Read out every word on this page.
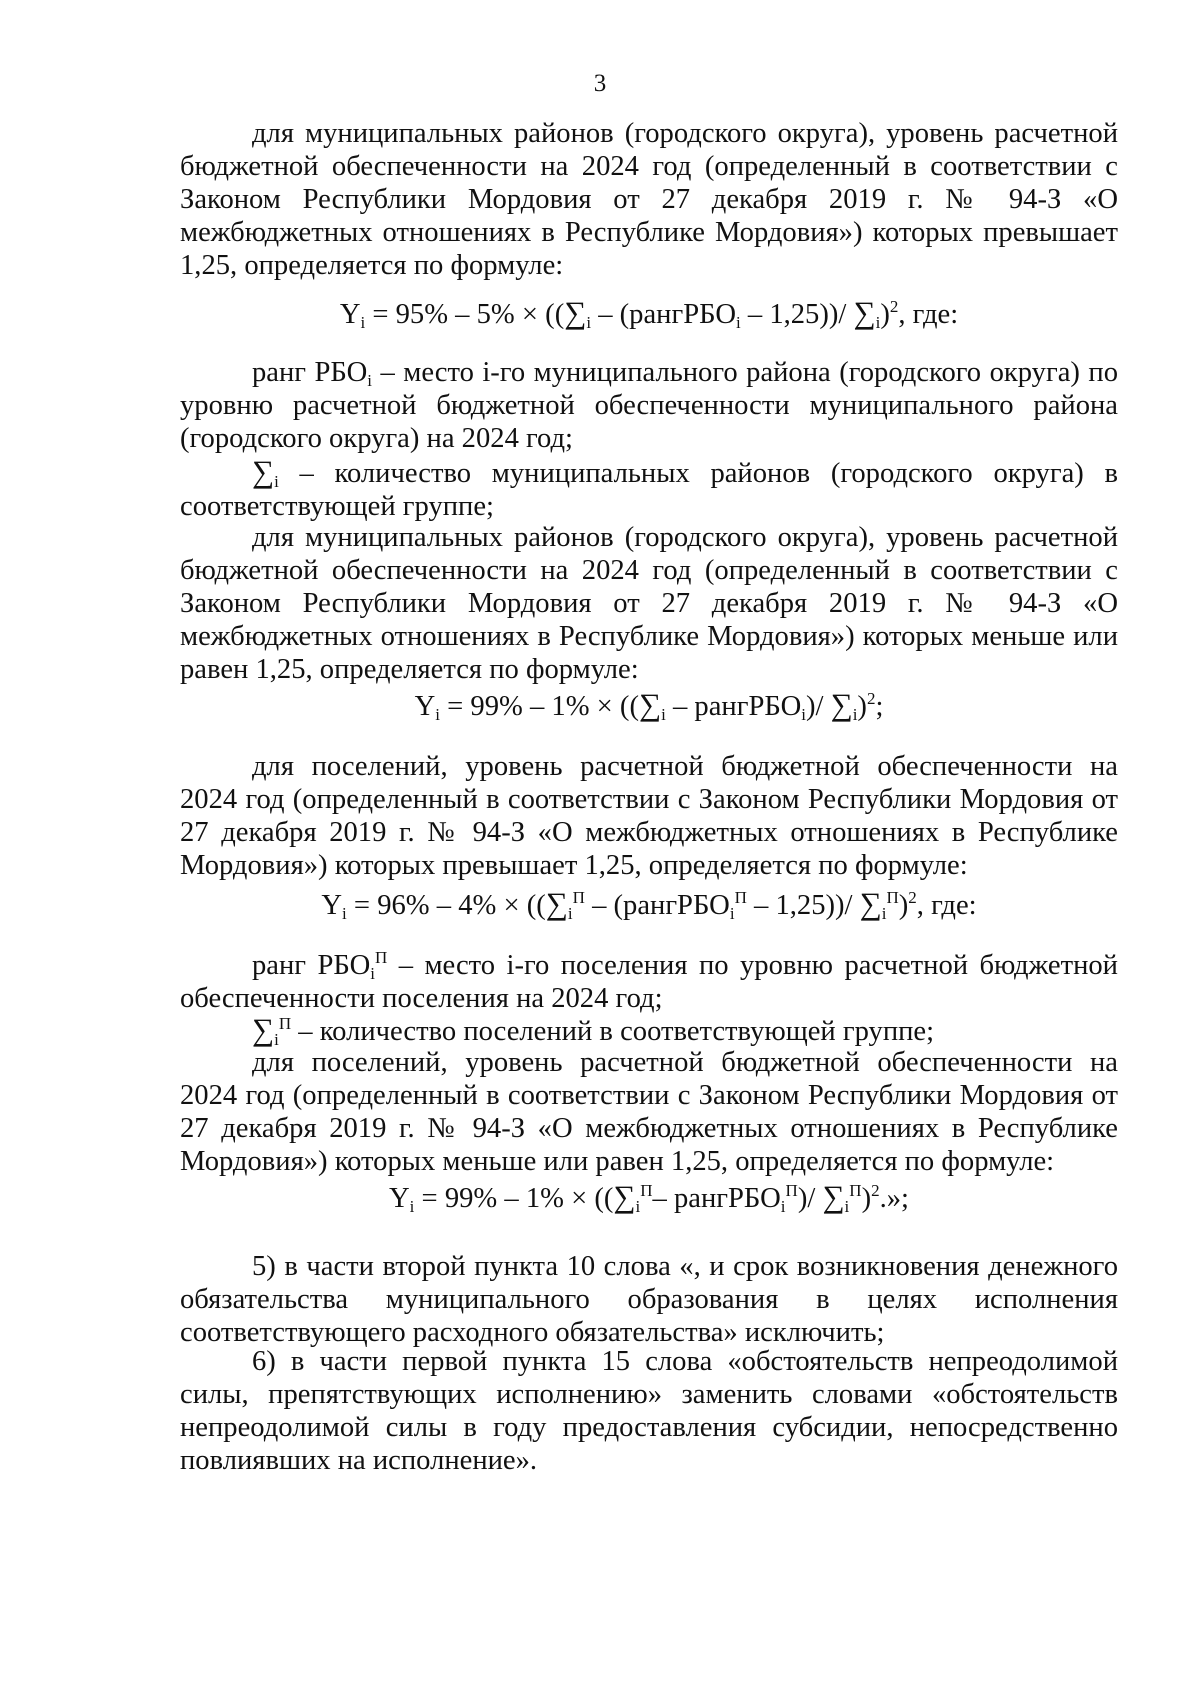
3

для муниципальных районов (городского округа), уровень расчетной бюджетной обеспеченности на 2024 год (определенный в соответствии с Законом Республики Мордовия от 27 декабря 2019 г. № 94-З «О межбюджетных отношениях в Республике Мордовия») которых превышает 1,25, определяется по формуле:

$Y_i = 95\% - 5\% \times ((\sum_i$ – (рангРБО$_i$ – 1,25))/ $\sum_i)^2$, где:

ранг $РБО_i$ – место i-го муниципального района (городского округа) по уровню расчетной бюджетной обеспеченности муниципального района (городского округа) на 2024 год;

$\sum_i$ – количество муниципальных районов (городского округа) в соответствующей группе;

для муниципальных районов (городского округа), уровень расчетной бюджетной обеспеченности на 2024 год (определенный в соответствии с Законом Республики Мордовия от 27 декабря 2019 г. № 94-З «О межбюджетных отношениях в Республике Мордовия») которых меньше или равен 1,25, определяется по формуле:

$Y_i = 99\% - 1\% \times ((\sum_i$ – рангРБО$_i$)/ $\sum_i)^2$;

для поселений, уровень расчетной бюджетной обеспеченности на 2024 год (определенный в соответствии с Законом Республики Мордовия от 27 декабря 2019 г. № 94-З «О межбюджетных отношениях в Республике Мордовия») которых превышает 1,25, определяется по формуле:

$Y_i = 96\% - 4\% \times ((\sum_i^П$ – (рангРБО$_i^П$ – 1,25))/ $\sum_i^П)^2$, где:

ранг $РБО_i^П$ – место i-го поселения по уровню расчетной бюджетной обеспеченности поселения на 2024 год;

$\sum_i^П$ – количество поселений в соответствующей группе;

для поселений, уровень расчетной бюджетной обеспеченности на 2024 год (определенный в соответствии с Законом Республики Мордовия от 27 декабря 2019 г. № 94-З «О межбюджетных отношениях в Республике Мордовия») которых меньше или равен 1,25, определяется по формуле:

$Y_i = 99\% - 1\% \times ((\sum_i^П-$ рангРБО$_i^П$)/ $\sum_i^П)^2$.»;

5) в части второй пункта 10 слова «, и срок возникновения денежного обязательства муниципального образования в целях исполнения соответствующего расходного обязательства» исключить;

6) в части первой пункта 15 слова «обстоятельств непреодолимой силы, препятствующих исполнению» заменить словами «обстоятельств непреодолимой силы в году предоставления субсидии, непосредственно повлиявших на исполнение».
